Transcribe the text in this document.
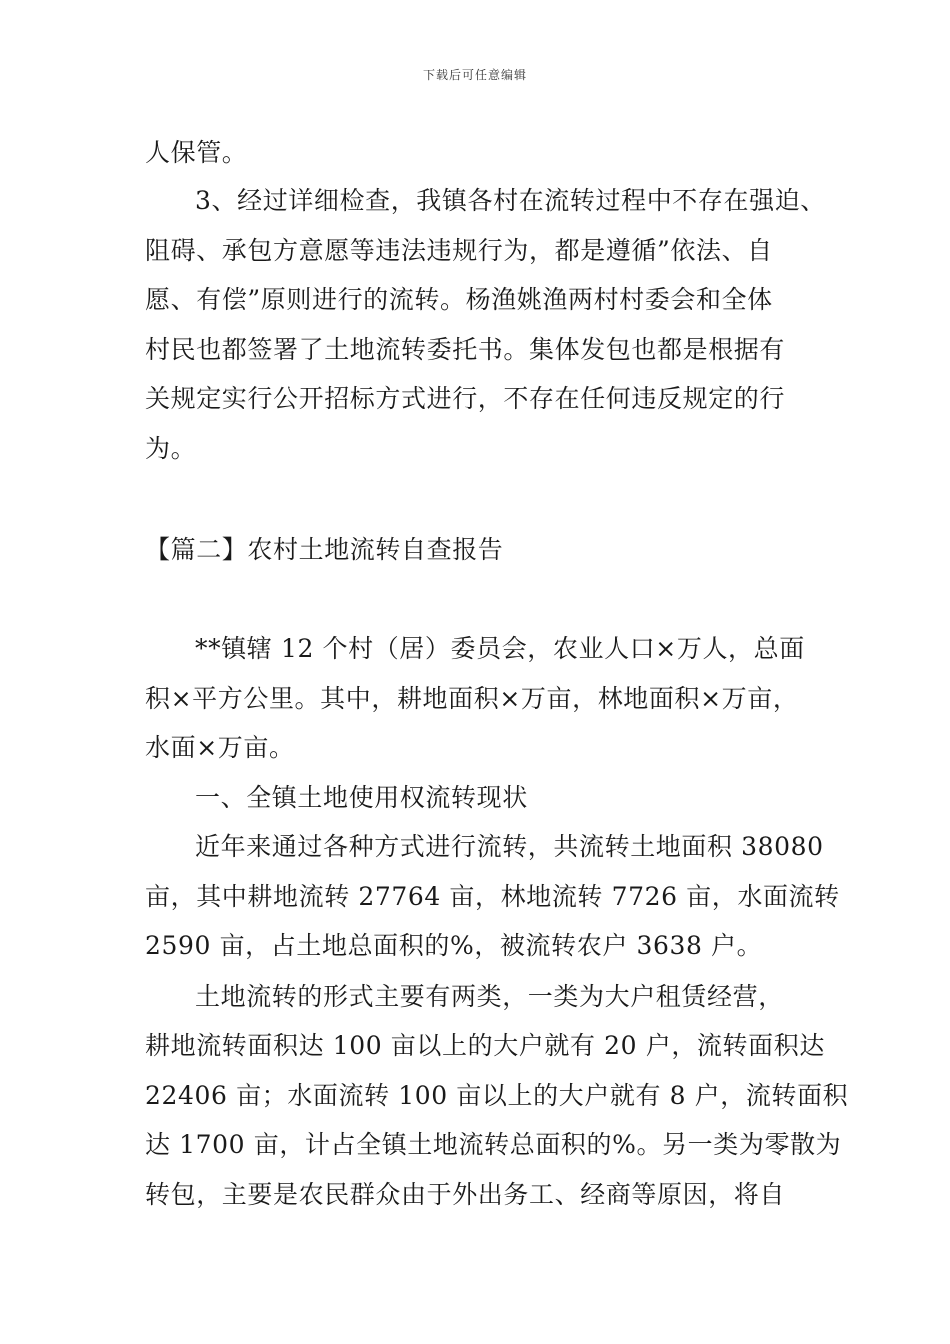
下载后可任意编辑
人保管。
3、经过详细检查，我镇各村在流转过程中不存在强迫、
阻碍、承包方意愿等违法违规行为，都是遵循”依法、自
愿、有偿”原则进行的流转。杨渔姚渔两村村委会和全体
村民也都签署了土地流转委托书。集体发包也都是根据有
关规定实行公开招标方式进行，不存在任何违反规定的行
为。
【篇二】农村土地流转自查报告
**镇辖 12 个村（居）委员会，农业人口×万人，总面
积×平方公里。其中，耕地面积×万亩，林地面积×万亩，
水面×万亩。
一、全镇土地使用权流转现状
近年来通过各种方式进行流转，共流转土地面积 38080
亩，其中耕地流转 27764 亩，林地流转 7726 亩，水面流转
2590 亩，占土地总面积的%，被流转农户 3638 户。
土地流转的形式主要有两类，一类为大户租赁经营，
耕地流转面积达 100 亩以上的大户就有 20 户，流转面积达
22406 亩；水面流转 100 亩以上的大户就有 8 户，流转面积
达 1700 亩，计占全镇土地流转总面积的%。另一类为零散为
转包，主要是农民群众由于外出务工、经商等原因，将自
